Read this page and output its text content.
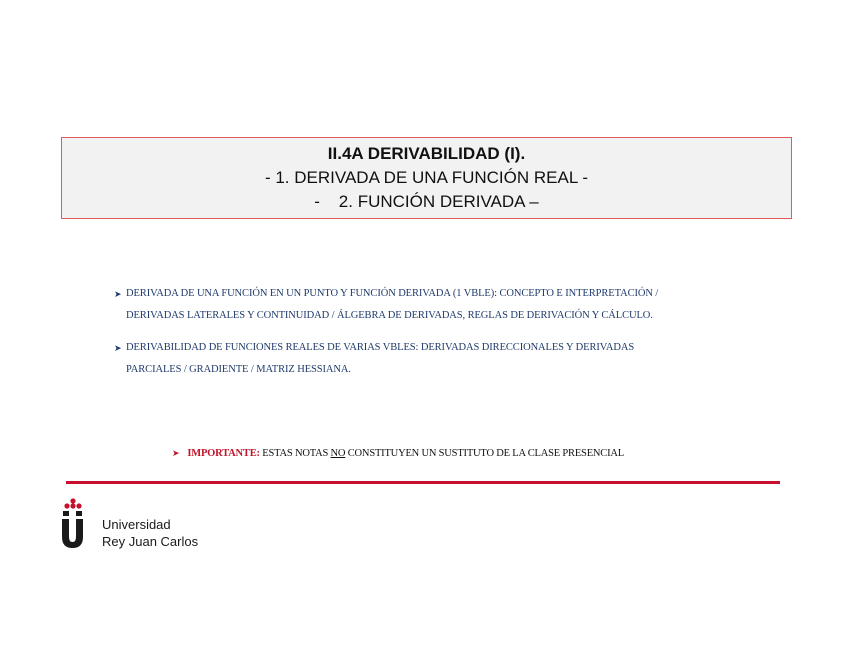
II.4A DERIVABILIDAD (I).
- 1. DERIVADA DE UNA FUNCIÓN REAL -
-    2. FUNCIÓN DERIVADA –
➤ DERIVADA DE UNA FUNCIÓN EN UN PUNTO Y FUNCIÓN DERIVADA (1 VBLE): CONCEPTO E INTERPRETACIÓN /
DERIVADAS LATERALES Y CONTINUIDAD / ÁLGEBRA DE DERIVADAS, REGLAS DE DERIVACIÓN Y CÁLCULO.
➤ DERIVABILIDAD DE FUNCIONES REALES DE VARIAS VBLES: DERIVADAS DIRECCIONALES Y DERIVADAS
PARCIALES / GRADIENTE / MATRIZ HESSIANA.
➤ IMPORTANTE: ESTAS NOTAS NO CONSTITUYEN UN SUSTITUTO DE LA CLASE PRESENCIAL
Universidad
Rey Juan Carlos
